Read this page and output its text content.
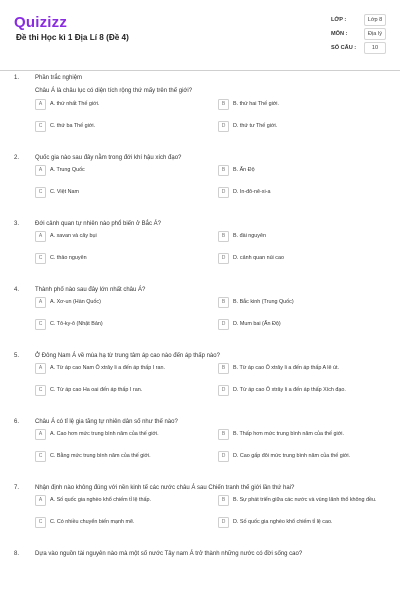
Quizizz
Đề thi Học kì 1 Địa Lí 8 (Đề 4)
LỚP :	Lớp 8
MÔN :	Địa lý
SỐ CÂU :	10
1.	Phần trắc nghiệm
Châu Á là châu lục có diện tích rộng thứ mấy trên thế giới?
A	A. thứ nhất Thế giới.	B	B. thứ hai Thế giới.
C	C. thứ ba Thế giới.	D	D. thứ tư Thế giới.
2.	Quốc gia nào sau đây nằm trong đới khí hậu xích đạo?
A	A. Trung Quốc	B	B. Ấn Độ
C	C. Việt Nam	D	D. In-đô-nê-xi-a
3.	Đới cảnh quan tự nhiên nào phổ biến ở Bắc Á?
A	A. xavan và cây bụi	B	B. đài nguyên
C	C. thảo nguyên	D	D. cảnh quan núi cao
4.	Thành phố nào sau đây lớn nhất châu Á?
A	A. Xơ-un (Hàn Quốc)	B	B. Bắc kinh (Trung Quốc)
C	C. Tô-ky-ô (Nhật Bản)	D	D. Mum bai (Ấn Độ)
5.	Ở Đông Nam Á về mùa hạ từ trung tâm áp cao nào đến áp thấp nào?
A	A. Từ áp cao Nam Ô xtrây li a đến áp thấp I ran.	B	B. Từ áp cao Ô xtrây li a đến áp thấp A lê út.
C	C. Từ áp cao Ha oai đến áp thấp I ran.	D	D. Từ áp cao Ô xtrây li a đến áp thấp Xích đạo.
6.	Châu Á có tỉ lệ gia tăng tự nhiên dân số như thế nào?
A	A. Cao hơn mức trung bình năm của thế giới.	B	B. Thấp hơn mức trung bình năm của thế giới.
C	C. Bằng mức trung bình năm của thế giới.	D	D. Cao gấp đôi mức trung bình năm của thế giới.
7.	Nhận định nào không đúng với nền kinh tế các nước châu Á sau Chiến tranh thế giới lần thứ hai?
A	A. Số quốc gia nghèo khổ chiếm tỉ lệ thấp.	B	B. Sự phát triển giữa các nước và vùng lãnh thổ không đều.
C	C. Có nhiều chuyển biến mạnh mẽ.	D	D. Số quốc gia nghèo khổ chiếm tỉ lệ cao.
8.	Dựa vào nguồn tài nguyên nào mà một số nước Tây nam Á trở thành những nước có đời sống cao?
